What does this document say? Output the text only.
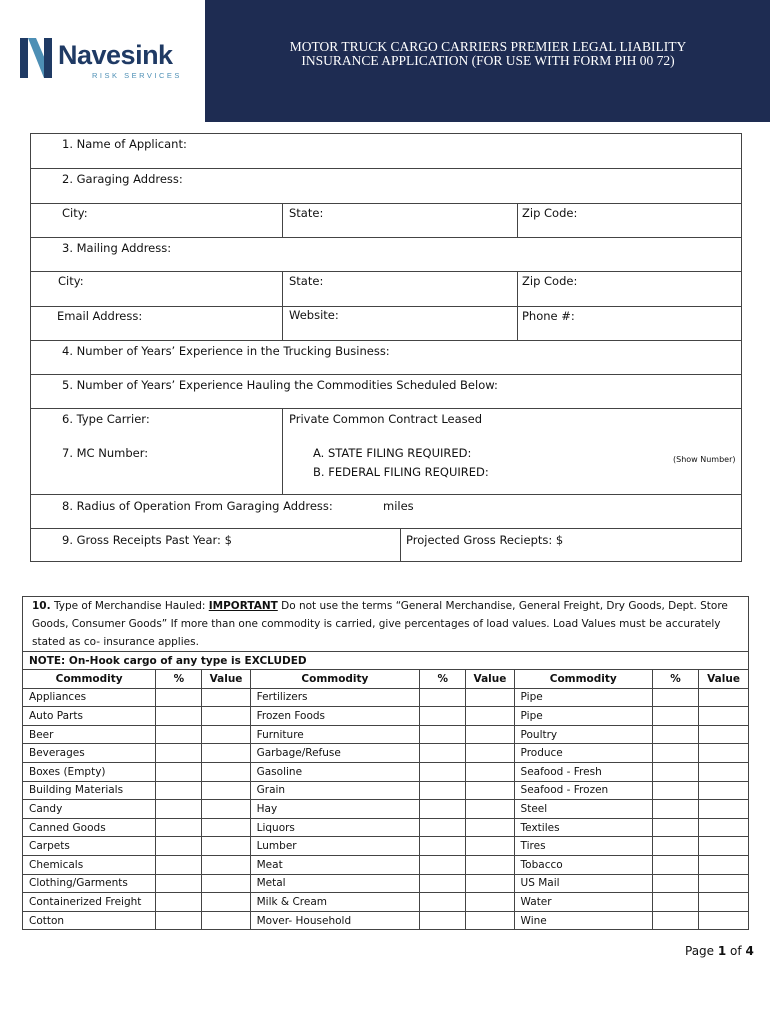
Navesink
RISK SERVICES
MOTOR TRUCK CARGO CARRIERS PREMIER LEGAL LIABILITY
INSURANCE APPLICATION (FOR USE WITH FORM PIH 00 72)
1. Name of Applicant:
2. Garaging Address:
City:	State:	Zip Code:
3. Mailing Address:
City:	State:	Zip Code:
Email Address:	Website:	Phone #:
4. Number of Years’ Experience in the Trucking Business:
5. Number of Years’ Experience Hauling the Commodities Scheduled Below:
6. Type Carrier:	Private Common Contract Leased
7. MC Number:	A. STATE FILING REQUIRED:
B. FEDERAL FILING REQUIRED:
(Show Number)
8. Radius of Operation From Garaging Address:	miles
9. Gross Receipts Past Year: $	Projected Gross Reciepts: $

NOTE: On-Hook cargo of any type is EXCLUDED								
Commodity	%	Value	Commodity	%	Value	Commodity	%	Value
Appliances			Fertilizers			Pipe		
Auto Parts			Frozen Foods			Pipe		
Beer			Furniture			Poultry		
Beverages			Garbage/Refuse			Produce		
Boxes (Empty)			Gasoline			Seafood - Fresh		
Building Materials			Grain			Seafood - Frozen		
Candy			Hay			Steel		
Canned Goods			Liquors			Textiles		
Carpets			Lumber			Tires		
Chemicals			Meat			Tobacco		
Clothing/Garments			Metal			US Mail		
Containerized Freight			Milk & Cream			Water		
Cotton			Mover- Household			Wine		
10. Type of Merchandise Hauled: IMPORTANT Do not use the terms “General Merchandise, General Freight, Dry Goods, Dept. Store Goods, Consumer Goods” If more than one commodity is carried, give percentages of load values. Load Values must be accurately stated as co- insurance applies.
Page 1 of 4
